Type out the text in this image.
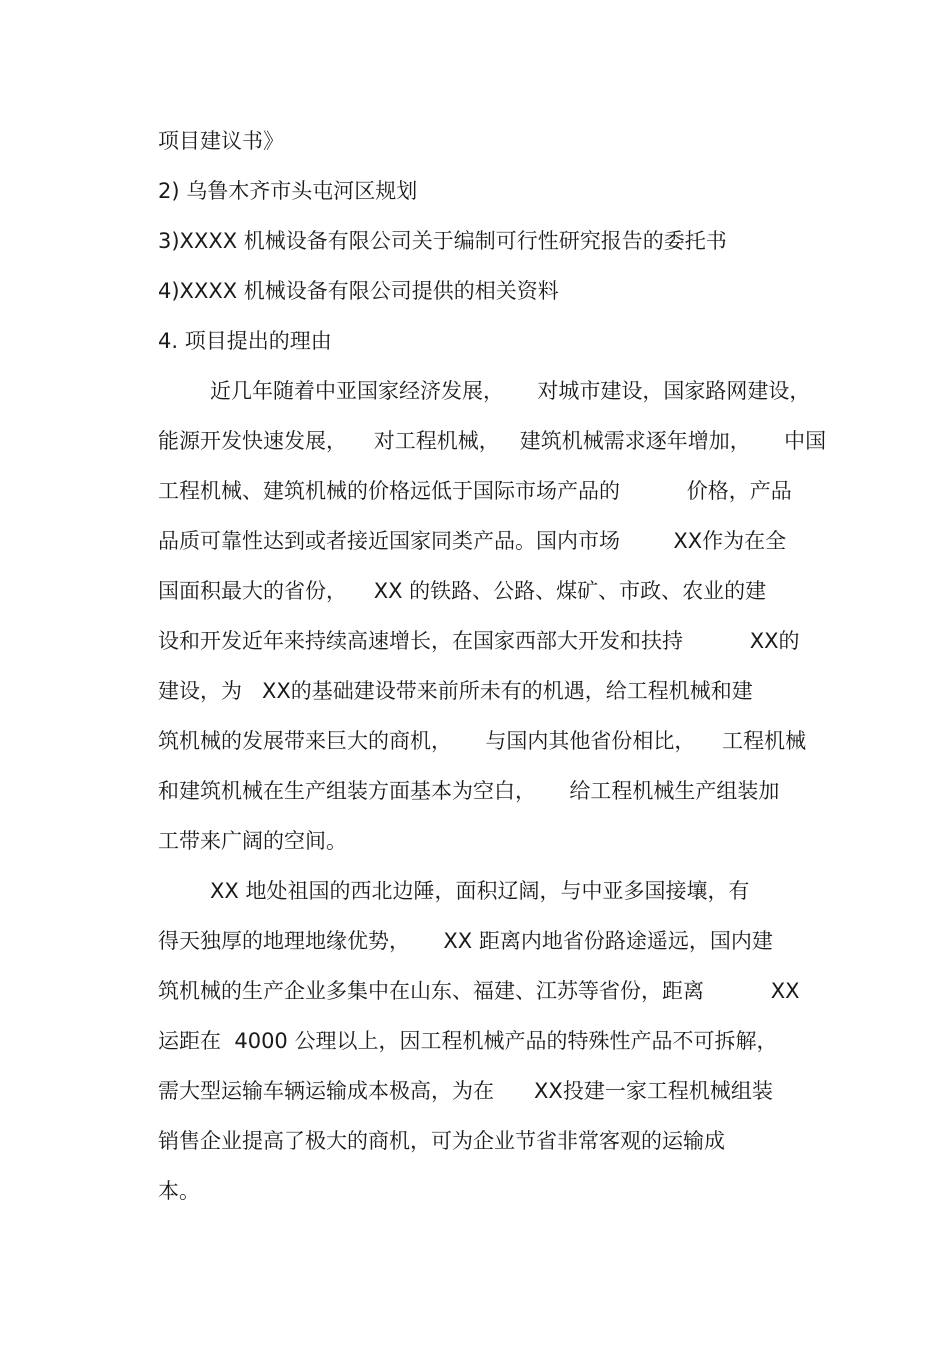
项目建议书》
2) 乌鲁木齐市头屯河区规划
3)XXXX 机械设备有限公司关于编制可行性研究报告的委托书
4)XXXX 机械设备有限公司提供的相关资料
4. 项目提出的理由
近几年随着中亚国家经济发展，     对城市建设，国家路网建设，
能源开发快速发展，    对工程机械，   建筑机械需求逐年增加，     中国
工程机械、建筑机械的价格远低于国际市场产品的          价格，产品
品质可靠性达到或者接近国家同类产品。国内市场        XX作为在全
国面积最大的省份，    XX 的铁路、公路、煤矿、市政、农业的建
设和开发近年来持续高速增长，在国家西部大开发和扶持          XX的
建设，为   XX的基础建设带来前所未有的机遇，给工程机械和建
筑机械的发展带来巨大的商机，     与国内其他省份相比，    工程机械
和建筑机械在生产组装方面基本为空白，     给工程机械生产组装加
工带来广阔的空间。
XX 地处祖国的西北边陲，面积辽阔，与中亚多国接壤，有
得天独厚的地理地缘优势，     XX 距离内地省份路途遥远，国内建
筑机械的生产企业多集中在山东、福建、江苏等省份，距离          XX
运距在  4000 公理以上，因工程机械产品的特殊性产品不可拆解，
需大型运输车辆运输成本极高，为在      XX投建一家工程机械组装
销售企业提高了极大的商机，可为企业节省非常客观的运输成
本。
